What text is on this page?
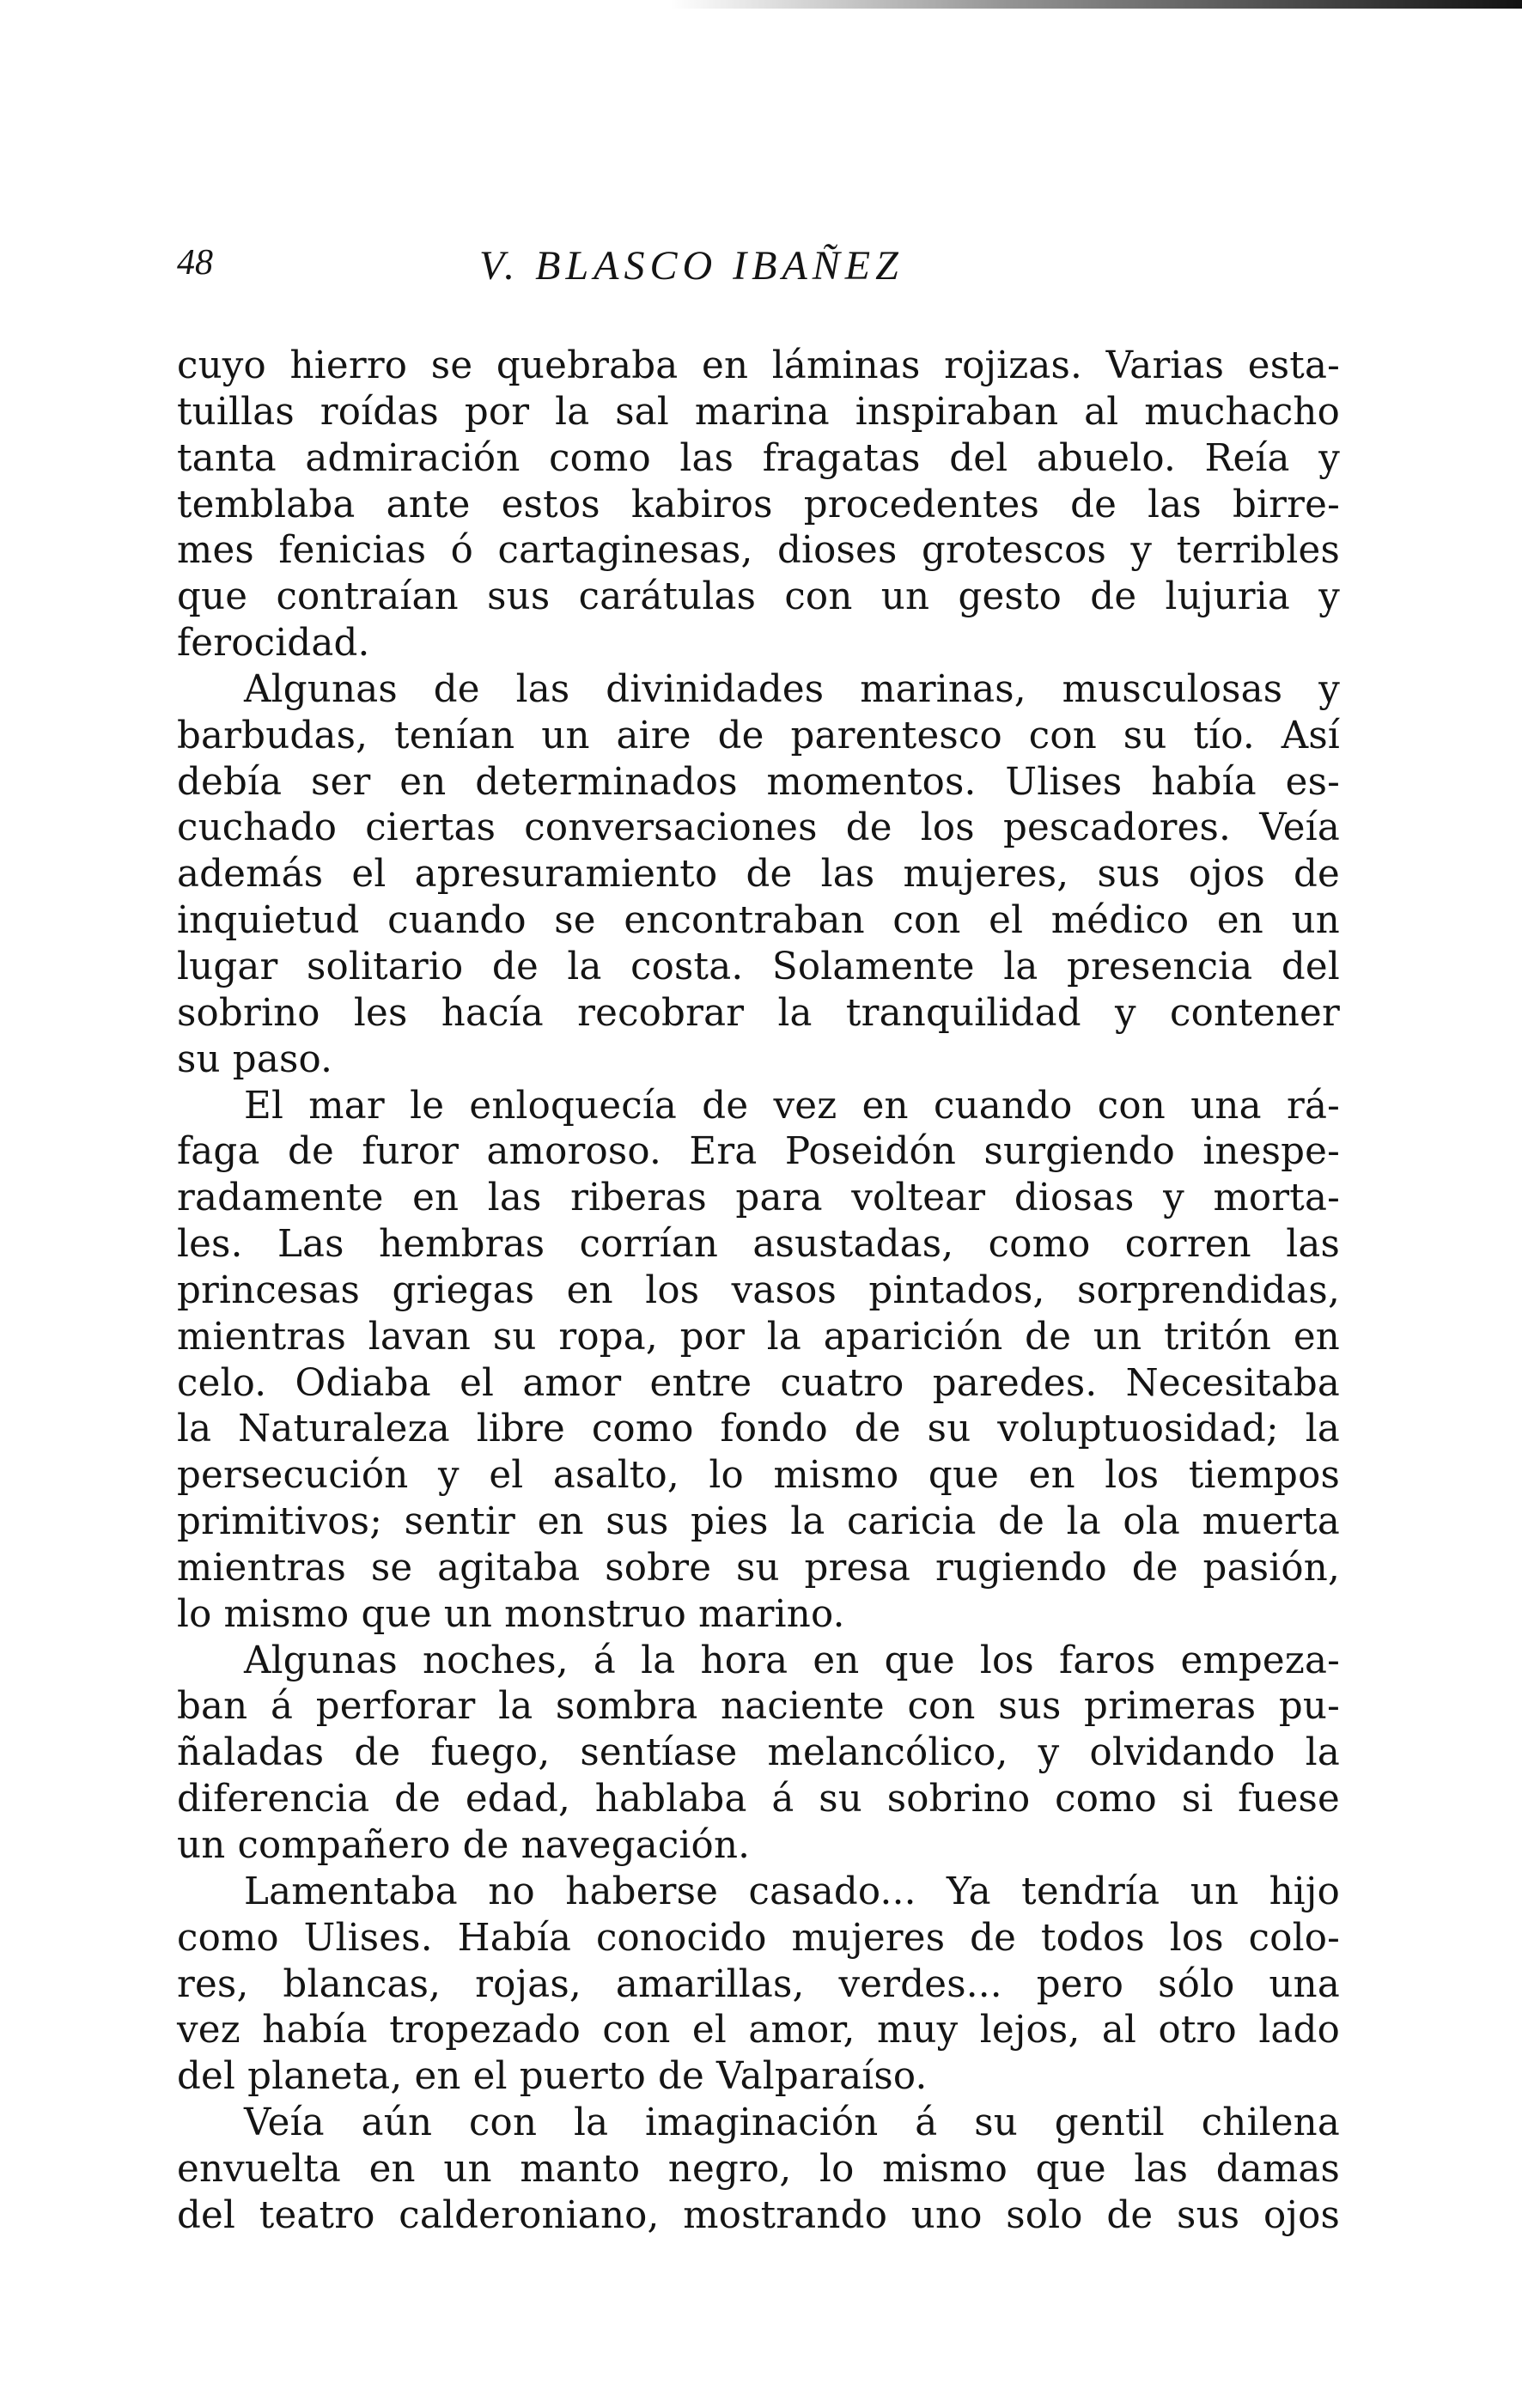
48	V. BLASCO IBAÑEZ
cuyo hierro se quebraba en láminas rojizas. Varias esta-
tuillas roídas por la sal marina inspiraban al muchacho
tanta admiración como las fragatas del abuelo. Reía y
temblaba ante estos kabiros procedentes de las birre-
mes fenicias ó cartaginesas, dioses grotescos y terribles
que contraían sus carátulas con un gesto de lujuria y
ferocidad.
Algunas de las divinidades marinas, musculosas y
barbudas, tenían un aire de parentesco con su tío. Así
debía ser en determinados momentos. Ulises había es-
cuchado ciertas conversaciones de los pescadores. Veía
además el apresuramiento de las mujeres, sus ojos de
inquietud cuando se encontraban con el médico en un
lugar solitario de la costa. Solamente la presencia del
sobrino les hacía recobrar la tranquilidad y contener
su paso.
El mar le enloquecía de vez en cuando con una rá-
faga de furor amoroso. Era Poseidón surgiendo inespe-
radamente en las riberas para voltear diosas y morta-
les. Las hembras corrían asustadas, como corren las
princesas griegas en los vasos pintados, sorprendidas,
mientras lavan su ropa, por la aparición de un tritón en
celo. Odiaba el amor entre cuatro paredes. Necesitaba
la Naturaleza libre como fondo de su voluptuosidad; la
persecución y el asalto, lo mismo que en los tiempos
primitivos; sentir en sus pies la caricia de la ola muerta
mientras se agitaba sobre su presa rugiendo de pasión,
lo mismo que un monstruo marino.
Algunas noches, á la hora en que los faros empeza-
ban á perforar la sombra naciente con sus primeras pu-
ñaladas de fuego, sentíase melancólico, y olvidando la
diferencia de edad, hablaba á su sobrino como si fuese
un compañero de navegación.
Lamentaba no haberse casado... Ya tendría un hijo
como Ulises. Había conocido mujeres de todos los colo-
res, blancas, rojas, amarillas, verdes... pero sólo una
vez había tropezado con el amor, muy lejos, al otro lado
del planeta, en el puerto de Valparaíso.
Veía aún con la imaginación á su gentil chilena
envuelta en un manto negro, lo mismo que las damas
del teatro calderoniano, mostrando uno solo de sus ojos
